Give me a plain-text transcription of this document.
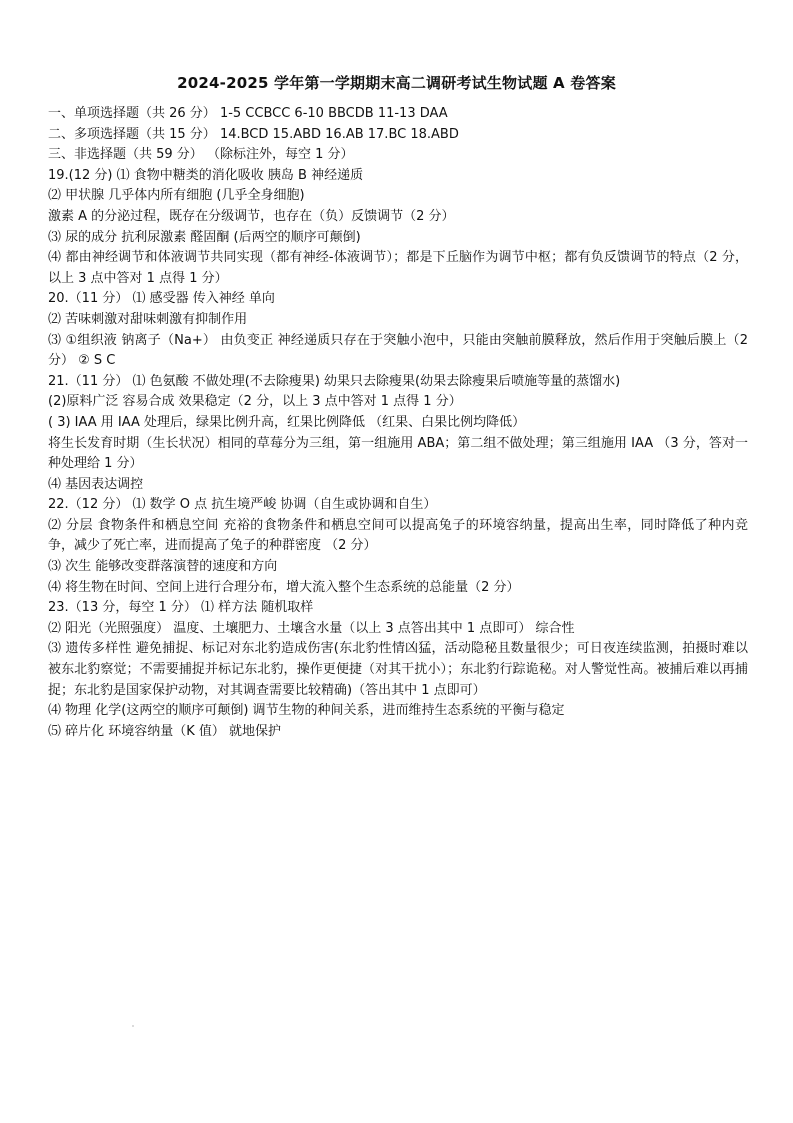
2024-2025 学年第一学期期末高二调研考试生物试题 A 卷答案
一、单项选择题（共 26 分） 1-5 CCBCC 6-10 BBCDB 11-13 DAA
二、多项选择题（共 15 分） 14.BCD 15.ABD 16.AB 17.BC 18.ABD
三、非选择题（共 59 分） （除标注外，每空 1 分）
19.(12 分) ⑴ 食物中糖类的消化吸收 胰岛 B 神经递质
⑵ 甲状腺 几乎体内所有细胞 (几乎全身细胞)
激素 A 的分泌过程，既存在分级调节，也存在（负）反馈调节（2 分）
⑶ 尿的成分 抗利尿激素 醛固酮 (后两空的顺序可颠倒)
⑷ 都由神经调节和体液调节共同实现（都有神经-体液调节）；都是下丘脑作为调节中枢；都有负反馈调节的特点（2 分，以上 3 点中答对 1 点得 1 分）
20.（11 分） ⑴ 感受器 传入神经 单向
⑵ 苦味刺激对甜味刺激有抑制作用
⑶ ①组织液 钠离子（Na+） 由负变正 神经递质只存在于突触小泡中，只能由突触前膜释放，然后作用于突触后膜上（2 分） ② S C
21.（11 分） ⑴ 色氨酸 不做处理(不去除瘦果) 幼果只去除瘦果(幼果去除瘦果后喷施等量的蒸馏水)
(2)原料广泛 容易合成 效果稳定（2 分，以上 3 点中答对 1 点得 1 分）
( 3) IAA 用 IAA 处理后，绿果比例升高，红果比例降低 （红果、白果比例均降低）
将生长发育时期（生长状况）相同的草莓分为三组，第一组施用 ABA；第二组不做处理；第三组施用 IAA （3 分，答对一种处理给 1 分）
⑷ 基因表达调控
22.（12 分） ⑴ 数学 O 点 抗生境严峻 协调（自生或协调和自生）
⑵ 分层 食物条件和栖息空间 充裕的食物条件和栖息空间可以提高兔子的环境容纳量，提高出生率，同时降低了种内竞争，减少了死亡率，进而提高了兔子的种群密度 （2 分）
⑶ 次生 能够改变群落演替的速度和方向
⑷ 将生物在时间、空间上进行合理分布，增大流入整个生态系统的总能量（2 分）
23.（13 分，每空 1 分） ⑴ 样方法 随机取样
⑵ 阳光（光照强度） 温度、土壤肥力、土壤含水量（以上 3 点答出其中 1 点即可） 综合性
⑶ 遗传多样性 避免捕捉、标记对东北豹造成伤害(东北豹性情凶猛，活动隐秘且数量很少；可日夜连续监测，拍摄时难以被东北豹察觉；不需要捕捉并标记东北豹，操作更便捷（对其干扰小）；东北豹行踪诡秘。对人警觉性高。被捕后难以再捕捉；东北豹是国家保护动物，对其调查需要比较精确)（答出其中 1 点即可）
⑷ 物理 化学(这两空的顺序可颠倒) 调节生物的种间关系，进而维持生态系统的平衡与稳定
⑸ 碎片化 环境容纳量（K 值） 就地保护
